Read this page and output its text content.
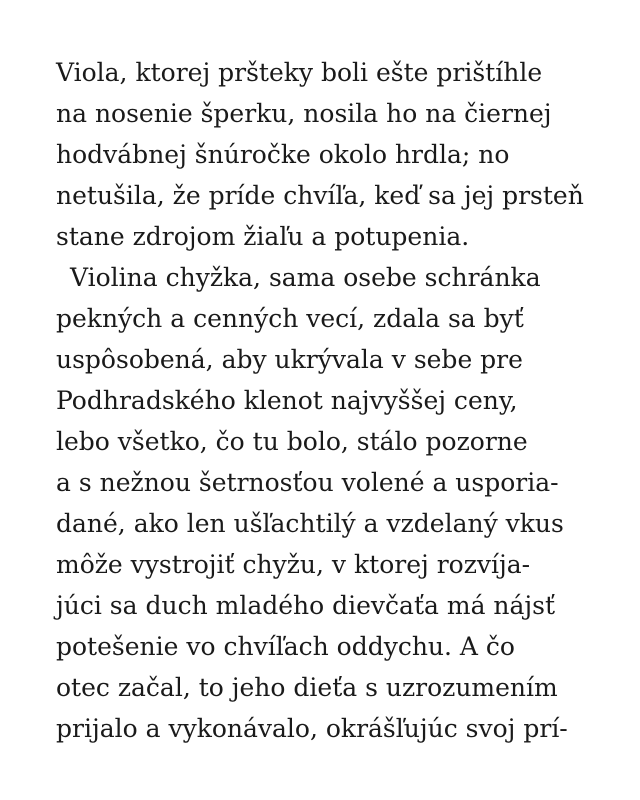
Viola, ktorej pršteky boli ešte prištíhle
na nosenie šperku, nosila ho na čiernej
hodvábnej šnúročke okolo hrdla; no
netušila, že príde chvíľa, keď sa jej prsteň
stane zdrojom žiaľu a potupenia.
Violina chyžka, sama osebe schránka
pekných a cenných vecí, zdala sa byť
uspôsobená, aby ukrývala v sebe pre
Podhradského klenot najvyššej ceny,
lebo všetko, čo tu bolo, stálo pozorne
a s nežnou šetrnosťou volené a usporia-
dané, ako len ušľachtilý a vzdelaný vkus
môže vystrojiť chyžu, v ktorej rozvíja-
júci sa duch mladého dievčaťa má nájsť
potešenie vo chvíľach oddychu. A čo
otec začal, to jeho dieťa s uzrozumením
prijalo a vykonávalo, okrášľujúc svoj prí-
